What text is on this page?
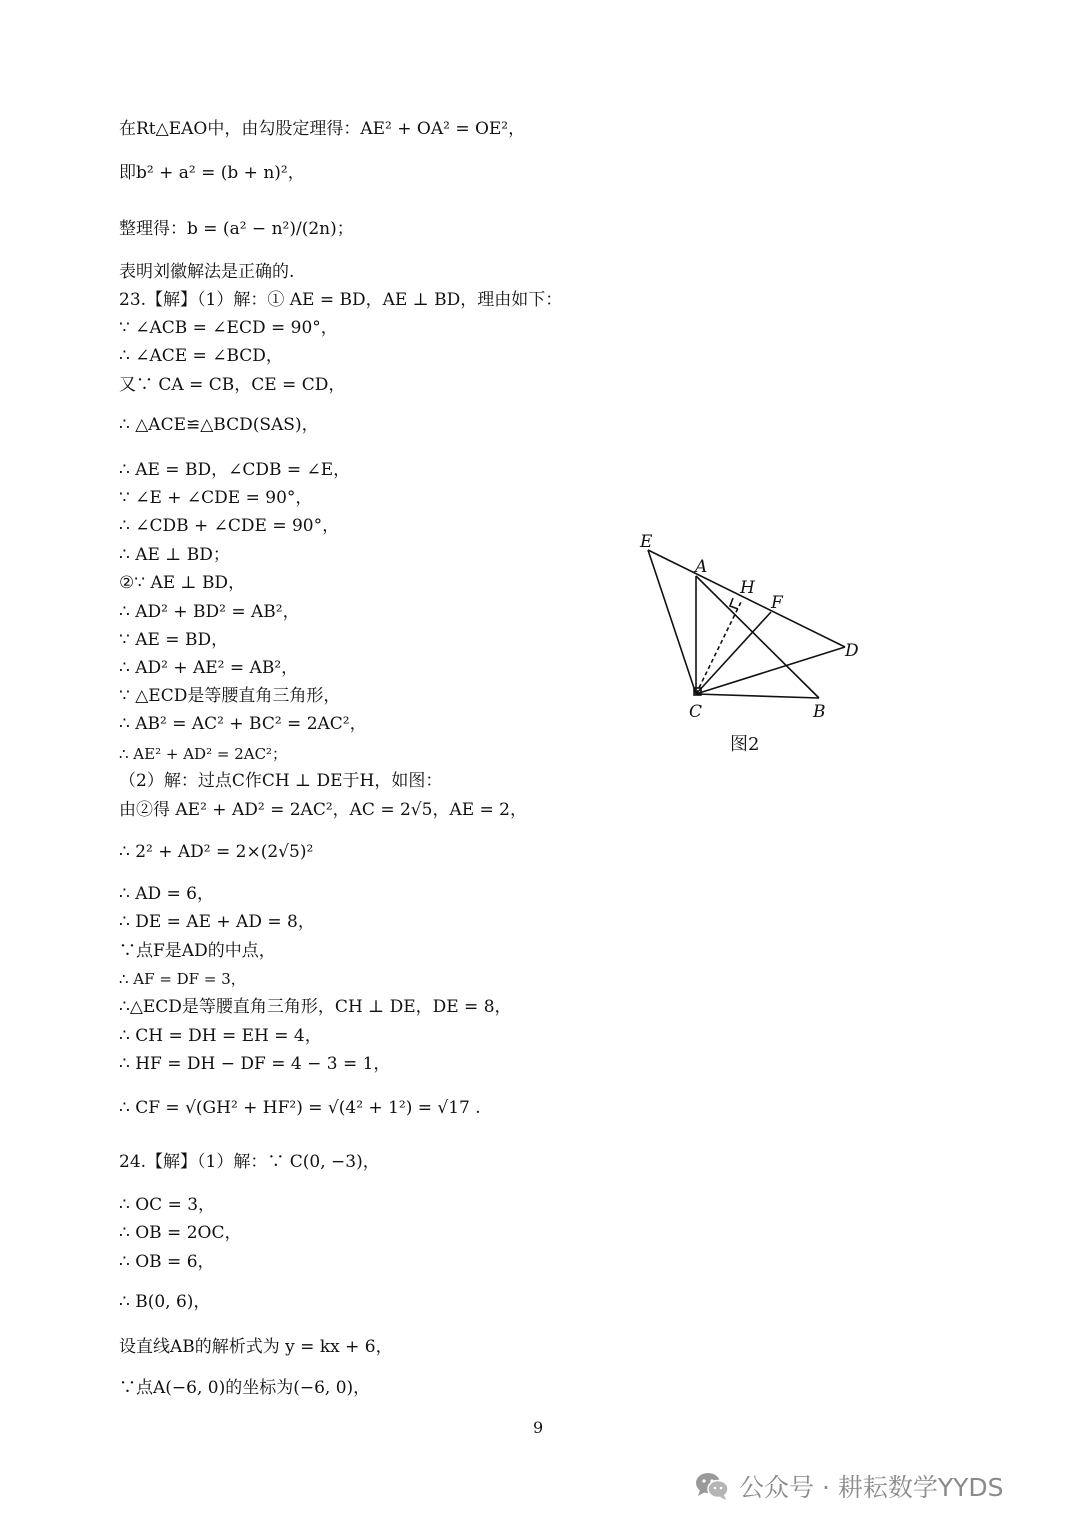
在Rt△EAO中，由勾股定理得：AE² + OA² = OE²，
即b² + a² = (b + n)²，
整理得：b = (a² − n²)/(2n)；
表明刘徽解法是正确的.
23.【解】（1）解：① AE = BD，AE ⊥ BD，理由如下：
∵ ∠ACB = ∠ECD = 90°，
∴ ∠ACE = ∠BCD，
又∵ CA = CB，CE = CD，
∴ △ACE≌△BCD(SAS)，
∴ AE = BD，∠CDB = ∠E，
∵ ∠E + ∠CDE = 90°，
∴ ∠CDB + ∠CDE = 90°，
∴ AE ⊥ BD；
②∵ AE ⊥ BD，
∴ AD² + BD² = AB²，
∵ AE = BD，
∴ AD² + AE² = AB²，
∵ △ECD是等腰直角三角形，
∴ AB² = AC² + BC² = 2AC²，
∴ AE² + AD² = 2AC²；
（2）解：过点C作CH ⊥ DE于H，如图：
由②得 AE² + AD² = 2AC²，AC = 2√5，AE = 2，
∴ 2² + AD² = 2×(2√5)²
∴ AD = 6，
∴ DE = AE + AD = 8，
∵点F是AD的中点，
∴ AF = DF = 3，
∴△ECD是等腰直角三角形，CH ⊥ DE，DE = 8，
∴ CH = DH = EH = 4，
∴ HF = DH − DF = 4 − 3 = 1，
∴ CF = √(GH² + HF²) = √(4² + 1²) = √17 .
24.【解】（1）解：∵ C(0, −3)，
∴ OC = 3，
∴ OB = 2OC，
∴ OB = 6，
∴ B(0, 6)，
设直线AB的解析式为 y = kx + 6，
∵点A(−6, 0)的坐标为(−6, 0)，
E
A
H
F
D
C	B
图2
9
公众号 · 耕耘数学YYDS
